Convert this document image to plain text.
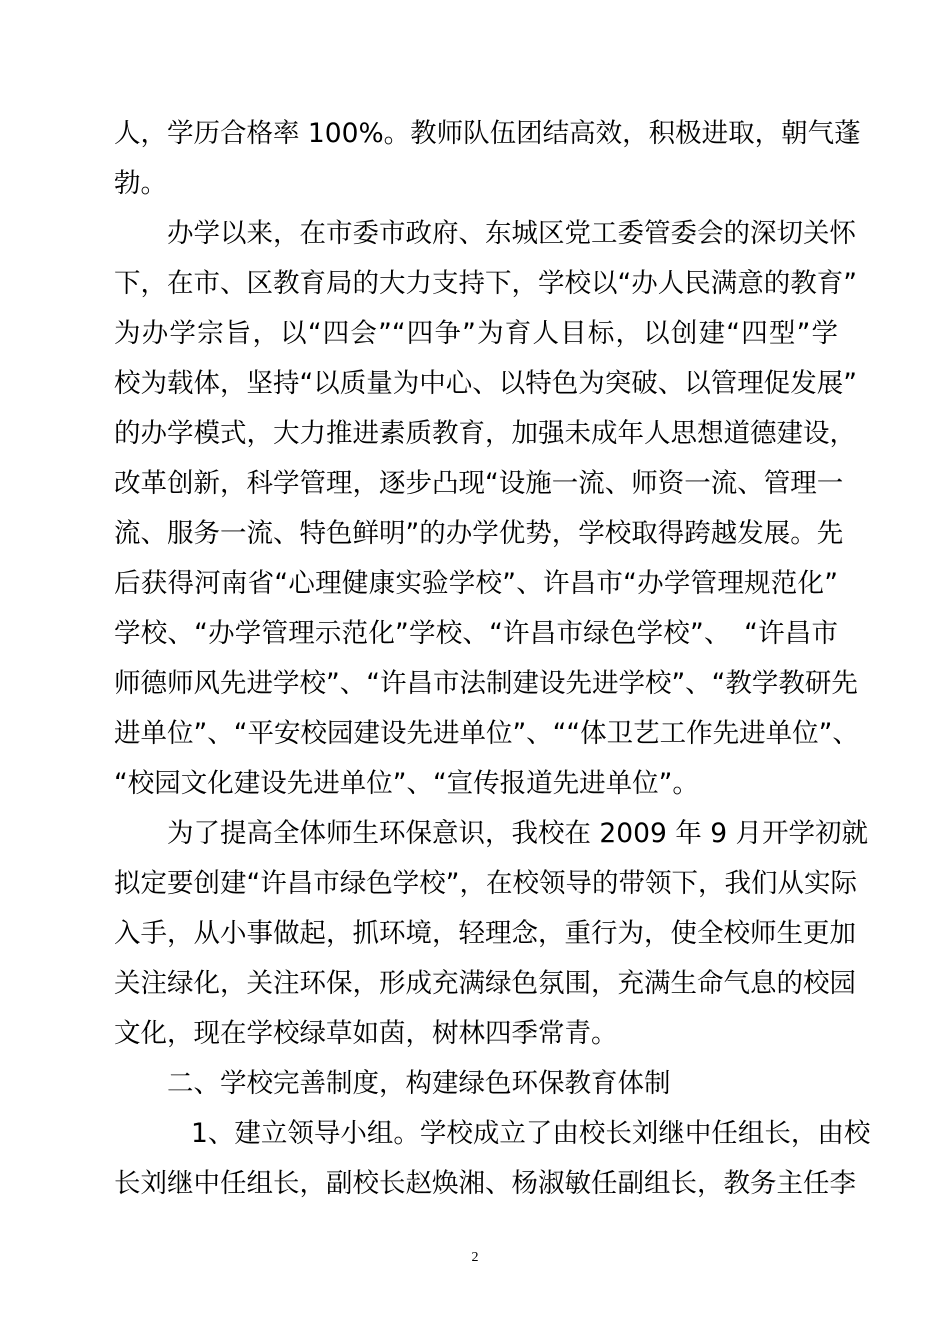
人，学历合格率 100%。教师队伍团结高效，积极进取，朝气蓬
勃。
办学以来，在市委市政府、东城区党工委管委会的深切关怀
下，在市、区教育局的大力支持下，学校以“办人民满意的教育”
为办学宗旨，以“四会”“四争”为育人目标，以创建“四型”学
校为载体，坚持“以质量为中心、以特色为突破、以管理促发展”
的办学模式，大力推进素质教育，加强未成年人思想道德建设，
改革创新，科学管理，逐步凸现“设施一流、师资一流、管理一
流、服务一流、特色鲜明”的办学优势，学校取得跨越发展。先
后获得河南省“心理健康实验学校”、许昌市“办学管理规范化”
学校、“办学管理示范化”学校、“许昌市绿色学校”、　“许昌市
师德师风先进学校”、“许昌市法制建设先进学校”、“教学教研先
进单位”、“平安校园建设先进单位”、““体卫艺工作先进单位”、
“校园文化建设先进单位”、“宣传报道先进单位”。
为了提高全体师生环保意识，我校在 2009 年 9 月开学初就
拟定要创建“许昌市绿色学校”，在校领导的带领下，我们从实际
入手，从小事做起，抓环境，轻理念，重行为，使全校师生更加
关注绿化，关注环保，形成充满绿色氛围，充满生命气息的校园
文化，现在学校绿草如茵，树林四季常青。
二、学校完善制度，构建绿色环保教育体制
1、建立领导小组。学校成立了由校长刘继中任组长，由校
长刘继中任组长，副校长赵焕湘、杨淑敏任副组长，教务主任李
2
